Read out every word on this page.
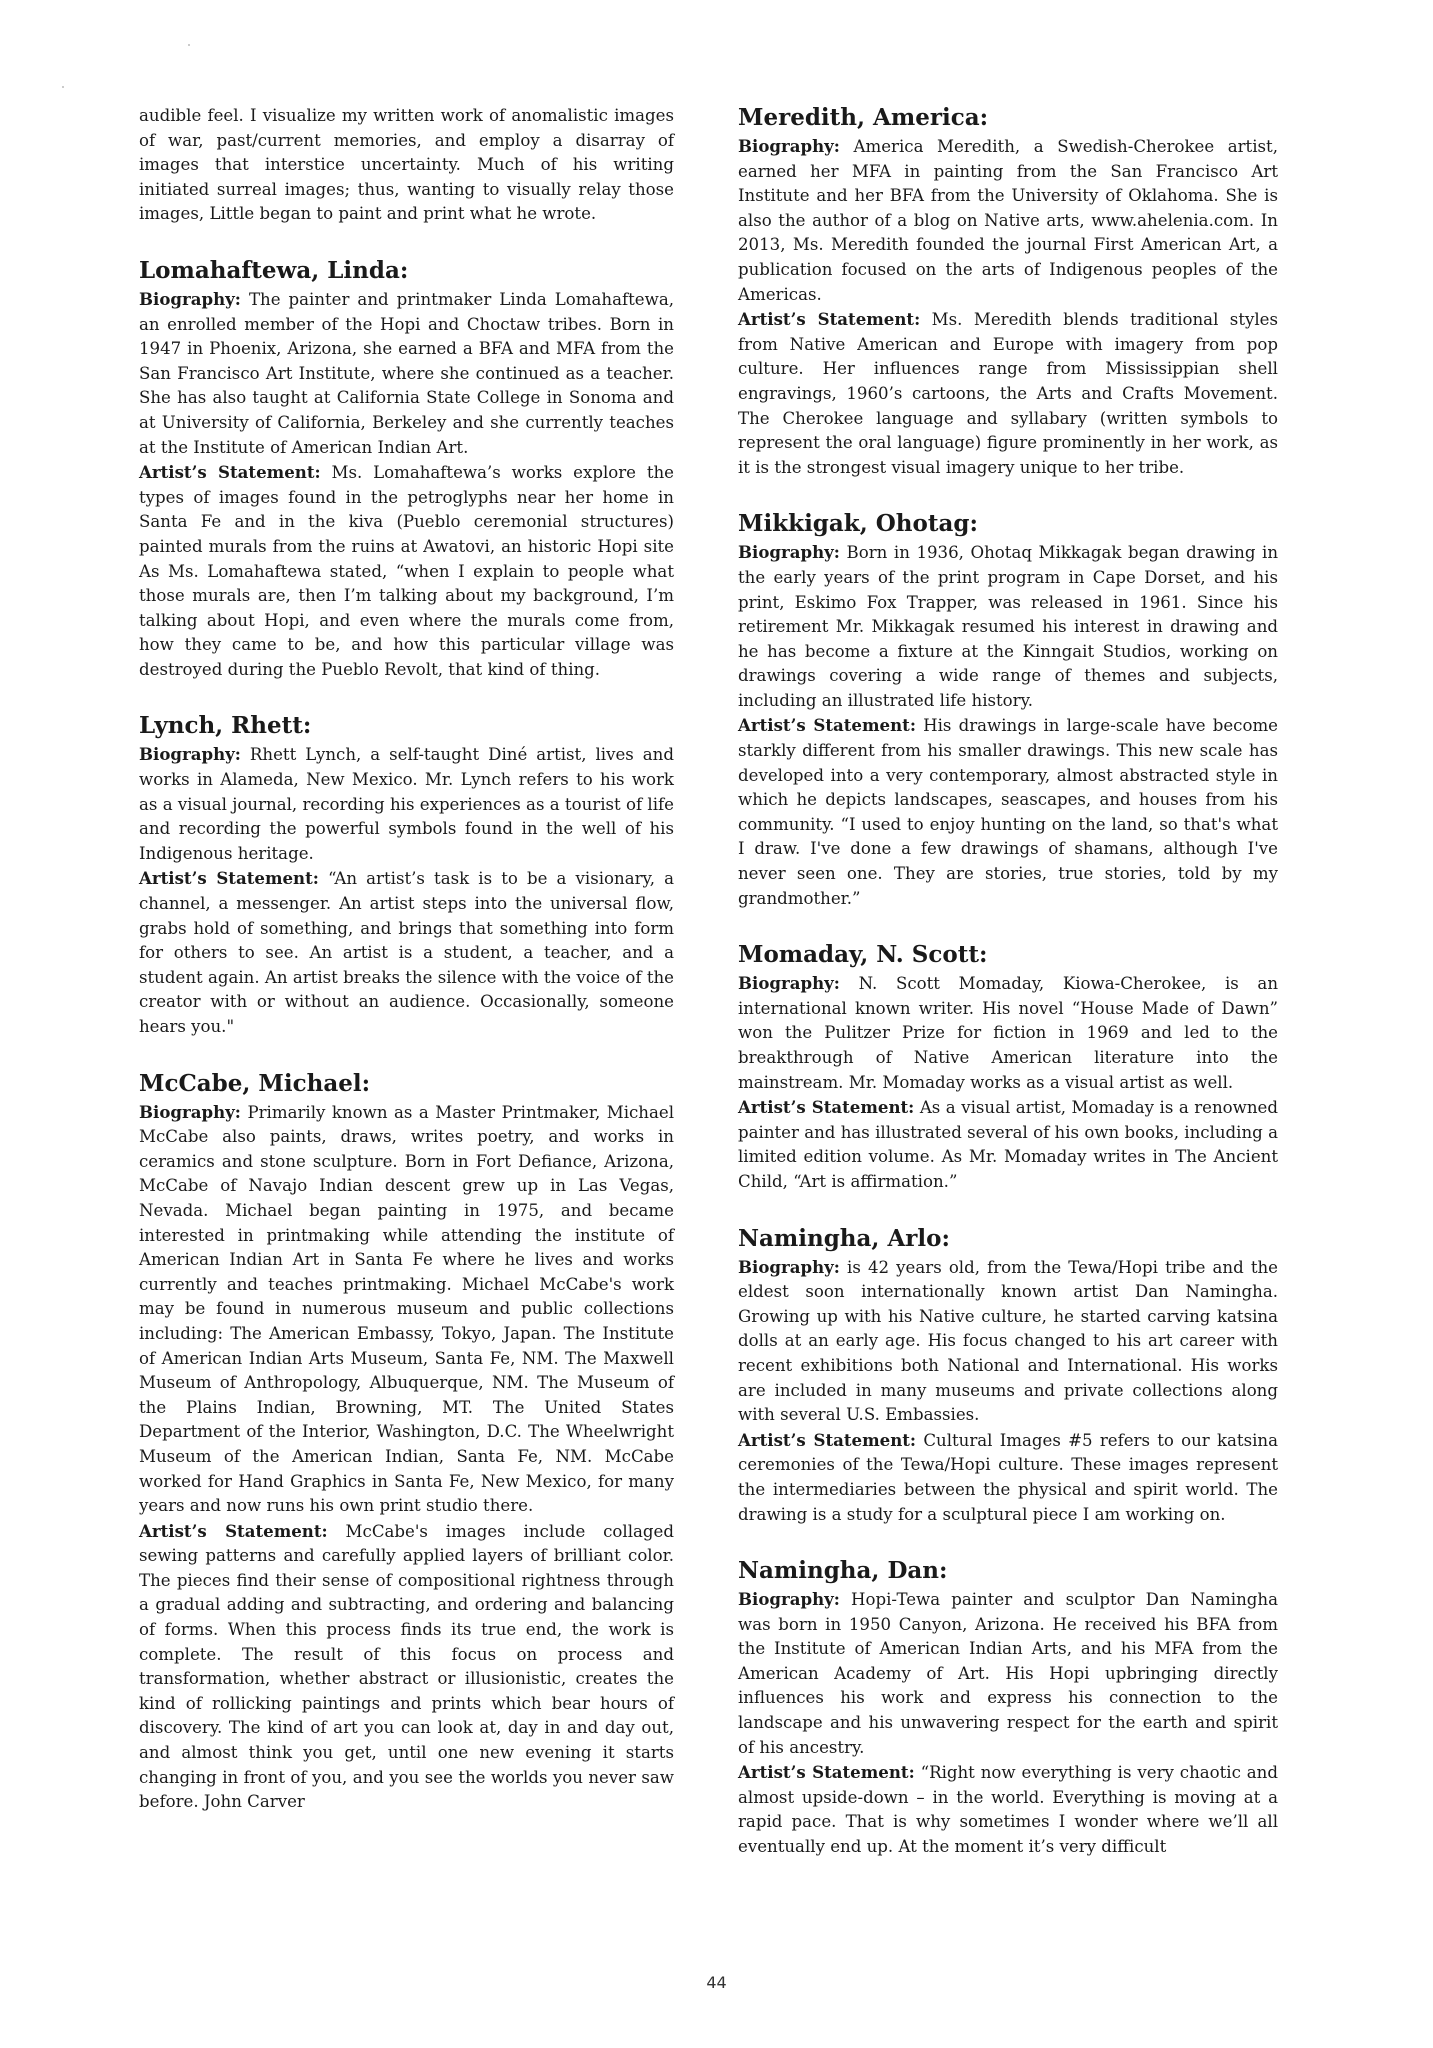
audible feel. I visualize my written work of anomalistic images of war, past/current memories, and employ a disarray of images that interstice uncertainty. Much of his writing initiated surreal images; thus, wanting to visually relay those images, Little began to paint and print what he wrote.

Lomahaftewa, Linda:

Biography: The painter and printmaker Linda Lomahaftewa, an enrolled member of the Hopi and Choctaw tribes. Born in 1947 in Phoenix, Arizona, she earned a BFA and MFA from the San Francisco Art Institute, where she continued as a teacher. She has also taught at California State College in Sonoma and at University of California, Berkeley and she currently teaches at the Institute of American Indian Art.

Artist’s Statement: Ms. Lomahaftewa’s works explore the types of images found in the petroglyphs near her home in Santa Fe and in the kiva (Pueblo ceremonial structures) painted murals from the ruins at Awatovi, an historic Hopi site As Ms. Lomahaftewa stated, “when I explain to people what those murals are, then I’m talking about my background, I’m talking about Hopi, and even where the murals come from, how they came to be, and how this particular village was destroyed during the Pueblo Revolt, that kind of thing.

Lynch, Rhett:

Biography: Rhett Lynch, a self-taught Diné artist, lives and works in Alameda, New Mexico. Mr. Lynch refers to his work as a visual journal, recording his experiences as a tourist of life and recording the powerful symbols found in the well of his Indigenous heritage.

Artist’s Statement: “An artist’s task is to be a visionary, a channel, a messenger. An artist steps into the universal flow, grabs hold of something, and brings that something into form for others to see. An artist is a student, a teacher, and a student again. An artist breaks the silence with the voice of the creator with or without an audience. Occasionally, someone hears you."

McCabe, Michael:

Biography: Primarily known as a Master Printmaker, Michael McCabe also paints, draws, writes poetry, and works in ceramics and stone sculpture. Born in Fort Defiance, Arizona, McCabe of Navajo Indian descent grew up in Las Vegas, Nevada. Michael began painting in 1975, and became interested in printmaking while attending the institute of American Indian Art in Santa Fe where he lives and works currently and teaches printmaking. Michael McCabe's work may be found in numerous museum and public collections including: The American Embassy, Tokyo, Japan. The Institute of American Indian Arts Museum, Santa Fe, NM. The Maxwell Museum of Anthropology, Albuquerque, NM. The Museum of the Plains Indian, Browning, MT. The United States Department of the Interior, Washington, D.C. The Wheelwright Museum of the American Indian, Santa Fe, NM. McCabe worked for Hand Graphics in Santa Fe, New Mexico, for many years and now runs his own print studio there.

Artist’s Statement: McCabe's images include collaged sewing patterns and carefully applied layers of brilliant color. The pieces find their sense of compositional rightness through a gradual adding and subtracting, and ordering and balancing of forms. When this process finds its true end, the work is complete. The result of this focus on process and transformation, whether abstract or illusionistic, creates the kind of rollicking paintings and prints which bear hours of discovery. The kind of art you can look at, day in and day out, and almost think you get, until one new evening it starts changing in front of you, and you see the worlds you never saw before. John Carver

Meredith, America:

Biography: America Meredith, a Swedish-Cherokee artist, earned her MFA in painting from the San Francisco Art Institute and her BFA from the University of Oklahoma. She is also the author of a blog on Native arts, www.ahelenia.com. In 2013, Ms. Meredith founded the journal First American Art, a publication focused on the arts of Indigenous peoples of the Americas.

Artist’s Statement: Ms. Meredith blends traditional styles from Native American and Europe with imagery from pop culture. Her influences range from Mississippian shell engravings, 1960’s cartoons, the Arts and Crafts Movement. The Cherokee language and syllabary (written symbols to represent the oral language) figure prominently in her work, as it is the strongest visual imagery unique to her tribe.

Mikkigak, Ohotag:

Biography: Born in 1936, Ohotaq Mikkagak began drawing in the early years of the print program in Cape Dorset, and his print, Eskimo Fox Trapper, was released in 1961. Since his retirement Mr. Mikkagak resumed his interest in drawing and he has become a fixture at the Kinngait Studios, working on drawings covering a wide range of themes and subjects, including an illustrated life history.

Artist’s Statement: His drawings in large-scale have become starkly different from his smaller drawings. This new scale has developed into a very contemporary, almost abstracted style in which he depicts landscapes, seascapes, and houses from his community. “I used to enjoy hunting on the land, so that's what I draw. I've done a few drawings of shamans, although I've never seen one. They are stories, true stories, told by my grandmother.”

Momaday, N. Scott:

Biography: N. Scott Momaday, Kiowa-Cherokee, is an international known writer. His novel “House Made of Dawn” won the Pulitzer Prize for fiction in 1969 and led to the breakthrough of Native American literature into the mainstream. Mr. Momaday works as a visual artist as well.

Artist’s Statement: As a visual artist, Momaday is a renowned painter and has illustrated several of his own books, including a limited edition volume. As Mr. Momaday writes in The Ancient Child, “Art is affirmation.”

Namingha, Arlo:

Biography: is 42 years old, from the Tewa/Hopi tribe and the eldest soon internationally known artist Dan Namingha. Growing up with his Native culture, he started carving katsina dolls at an early age. His focus changed to his art career with recent exhibitions both National and International. His works are included in many museums and private collections along with several U.S. Embassies.

Artist’s Statement: Cultural Images #5 refers to our katsina ceremonies of the Tewa/Hopi culture. These images represent the intermediaries between the physical and spirit world. The drawing is a study for a sculptural piece I am working on.

Namingha, Dan:

Biography: Hopi-Tewa painter and sculptor Dan Namingha was born in 1950 Canyon, Arizona. He received his BFA from the Institute of American Indian Arts, and his MFA from the American Academy of Art. His Hopi upbringing directly influences his work and express his connection to the landscape and his unwavering respect for the earth and spirit of his ancestry.

Artist’s Statement: “Right now everything is very chaotic and almost upside-down – in the world. Everything is moving at a rapid pace. That is why sometimes I wonder where we’ll all eventually end up. At the moment it’s very difficult

44
